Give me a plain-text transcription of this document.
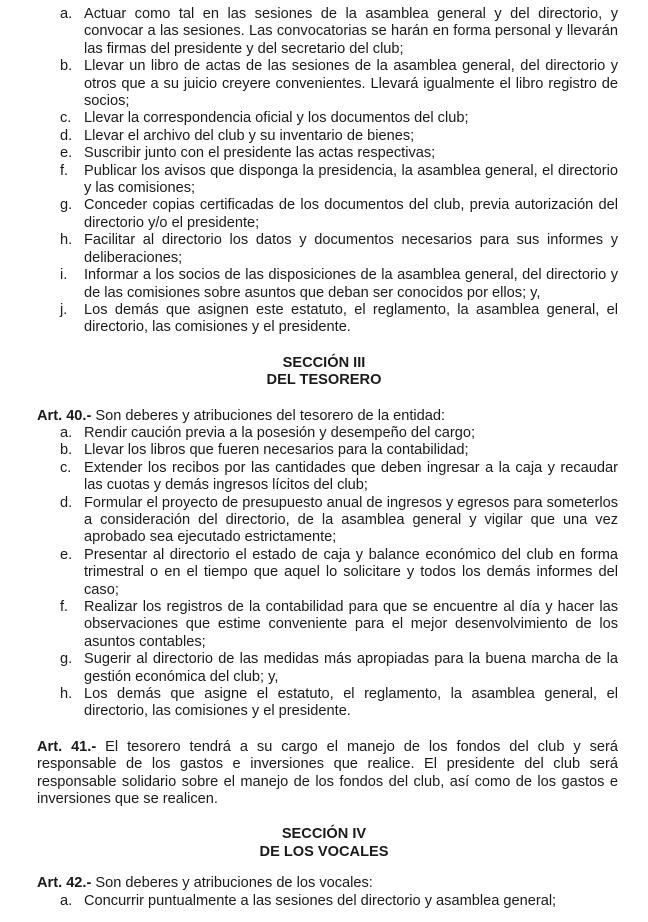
a. Actuar como tal en las sesiones de la asamblea general y del directorio, y convocar a las sesiones. Las convocatorias se harán en forma personal y llevarán las firmas del presidente y del secretario del club;
b. Llevar un libro de actas de las sesiones de la asamblea general, del directorio y otros que a su juicio creyere convenientes. Llevará igualmente el libro registro de socios;
c. Llevar la correspondencia oficial y los documentos del club;
d. Llevar el archivo del club y su inventario de bienes;
e. Suscribir junto con el presidente las actas respectivas;
f.	Publicar los avisos que disponga la presidencia, la asamblea general, el directorio y las comisiones;
g. Conceder copias certificadas de los documentos del club, previa autorización del directorio y/o el presidente;
h. Facilitar al directorio los datos y documentos necesarios para sus informes y deliberaciones;
i.	Informar a los socios de las disposiciones de la asamblea general, del directorio y de las comisiones sobre asuntos que deban ser conocidos por ellos; y,
j.	Los demás que asignen este estatuto, el reglamento, la asamblea general, el directorio, las comisiones y el presidente.

SECCIÓN III

DEL TESORERO

Art. 40.- Son deberes y atribuciones del tesorero de la entidad:

a. Rendir caución previa a la posesión y desempeño del cargo;
b. Llevar los libros que fueren necesarios para la contabilidad;
c. Extender los recibos por las cantidades que deben ingresar a la caja y recaudar las cuotas y demás ingresos lícitos del club;
d. Formular el proyecto de presupuesto anual de ingresos y egresos para someterlos a consideración del directorio, de la asamblea general y vigilar que una vez aprobado sea ejecutado estrictamente;
e. Presentar al directorio el estado de caja y balance económico del club en forma trimestral o en el tiempo que aquel lo solicitare y todos los demás informes del caso;
f.	Realizar los registros de la contabilidad para que se encuentre al día y hacer las observaciones que estime conveniente para el mejor desenvolvimiento de los asuntos contables;
g. Sugerir al directorio de las medidas más apropiadas para la buena marcha de la gestión económica del club; y,
h. Los demás que asigne el estatuto, el reglamento, la asamblea general, el directorio, las comisiones y el presidente.

Art. 41.- El tesorero tendrá a su cargo el manejo de los fondos del club y será responsable de los gastos e inversiones que realice. El presidente del club será responsable solidario sobre el manejo de los fondos del club, así como de los gastos e inversiones que se realicen.

SECCIÓN IV

DE LOS VOCALES

Art. 42.- Son deberes y atribuciones de los vocales:

a. Concurrir puntualmente a las sesiones del directorio y asamblea general;
